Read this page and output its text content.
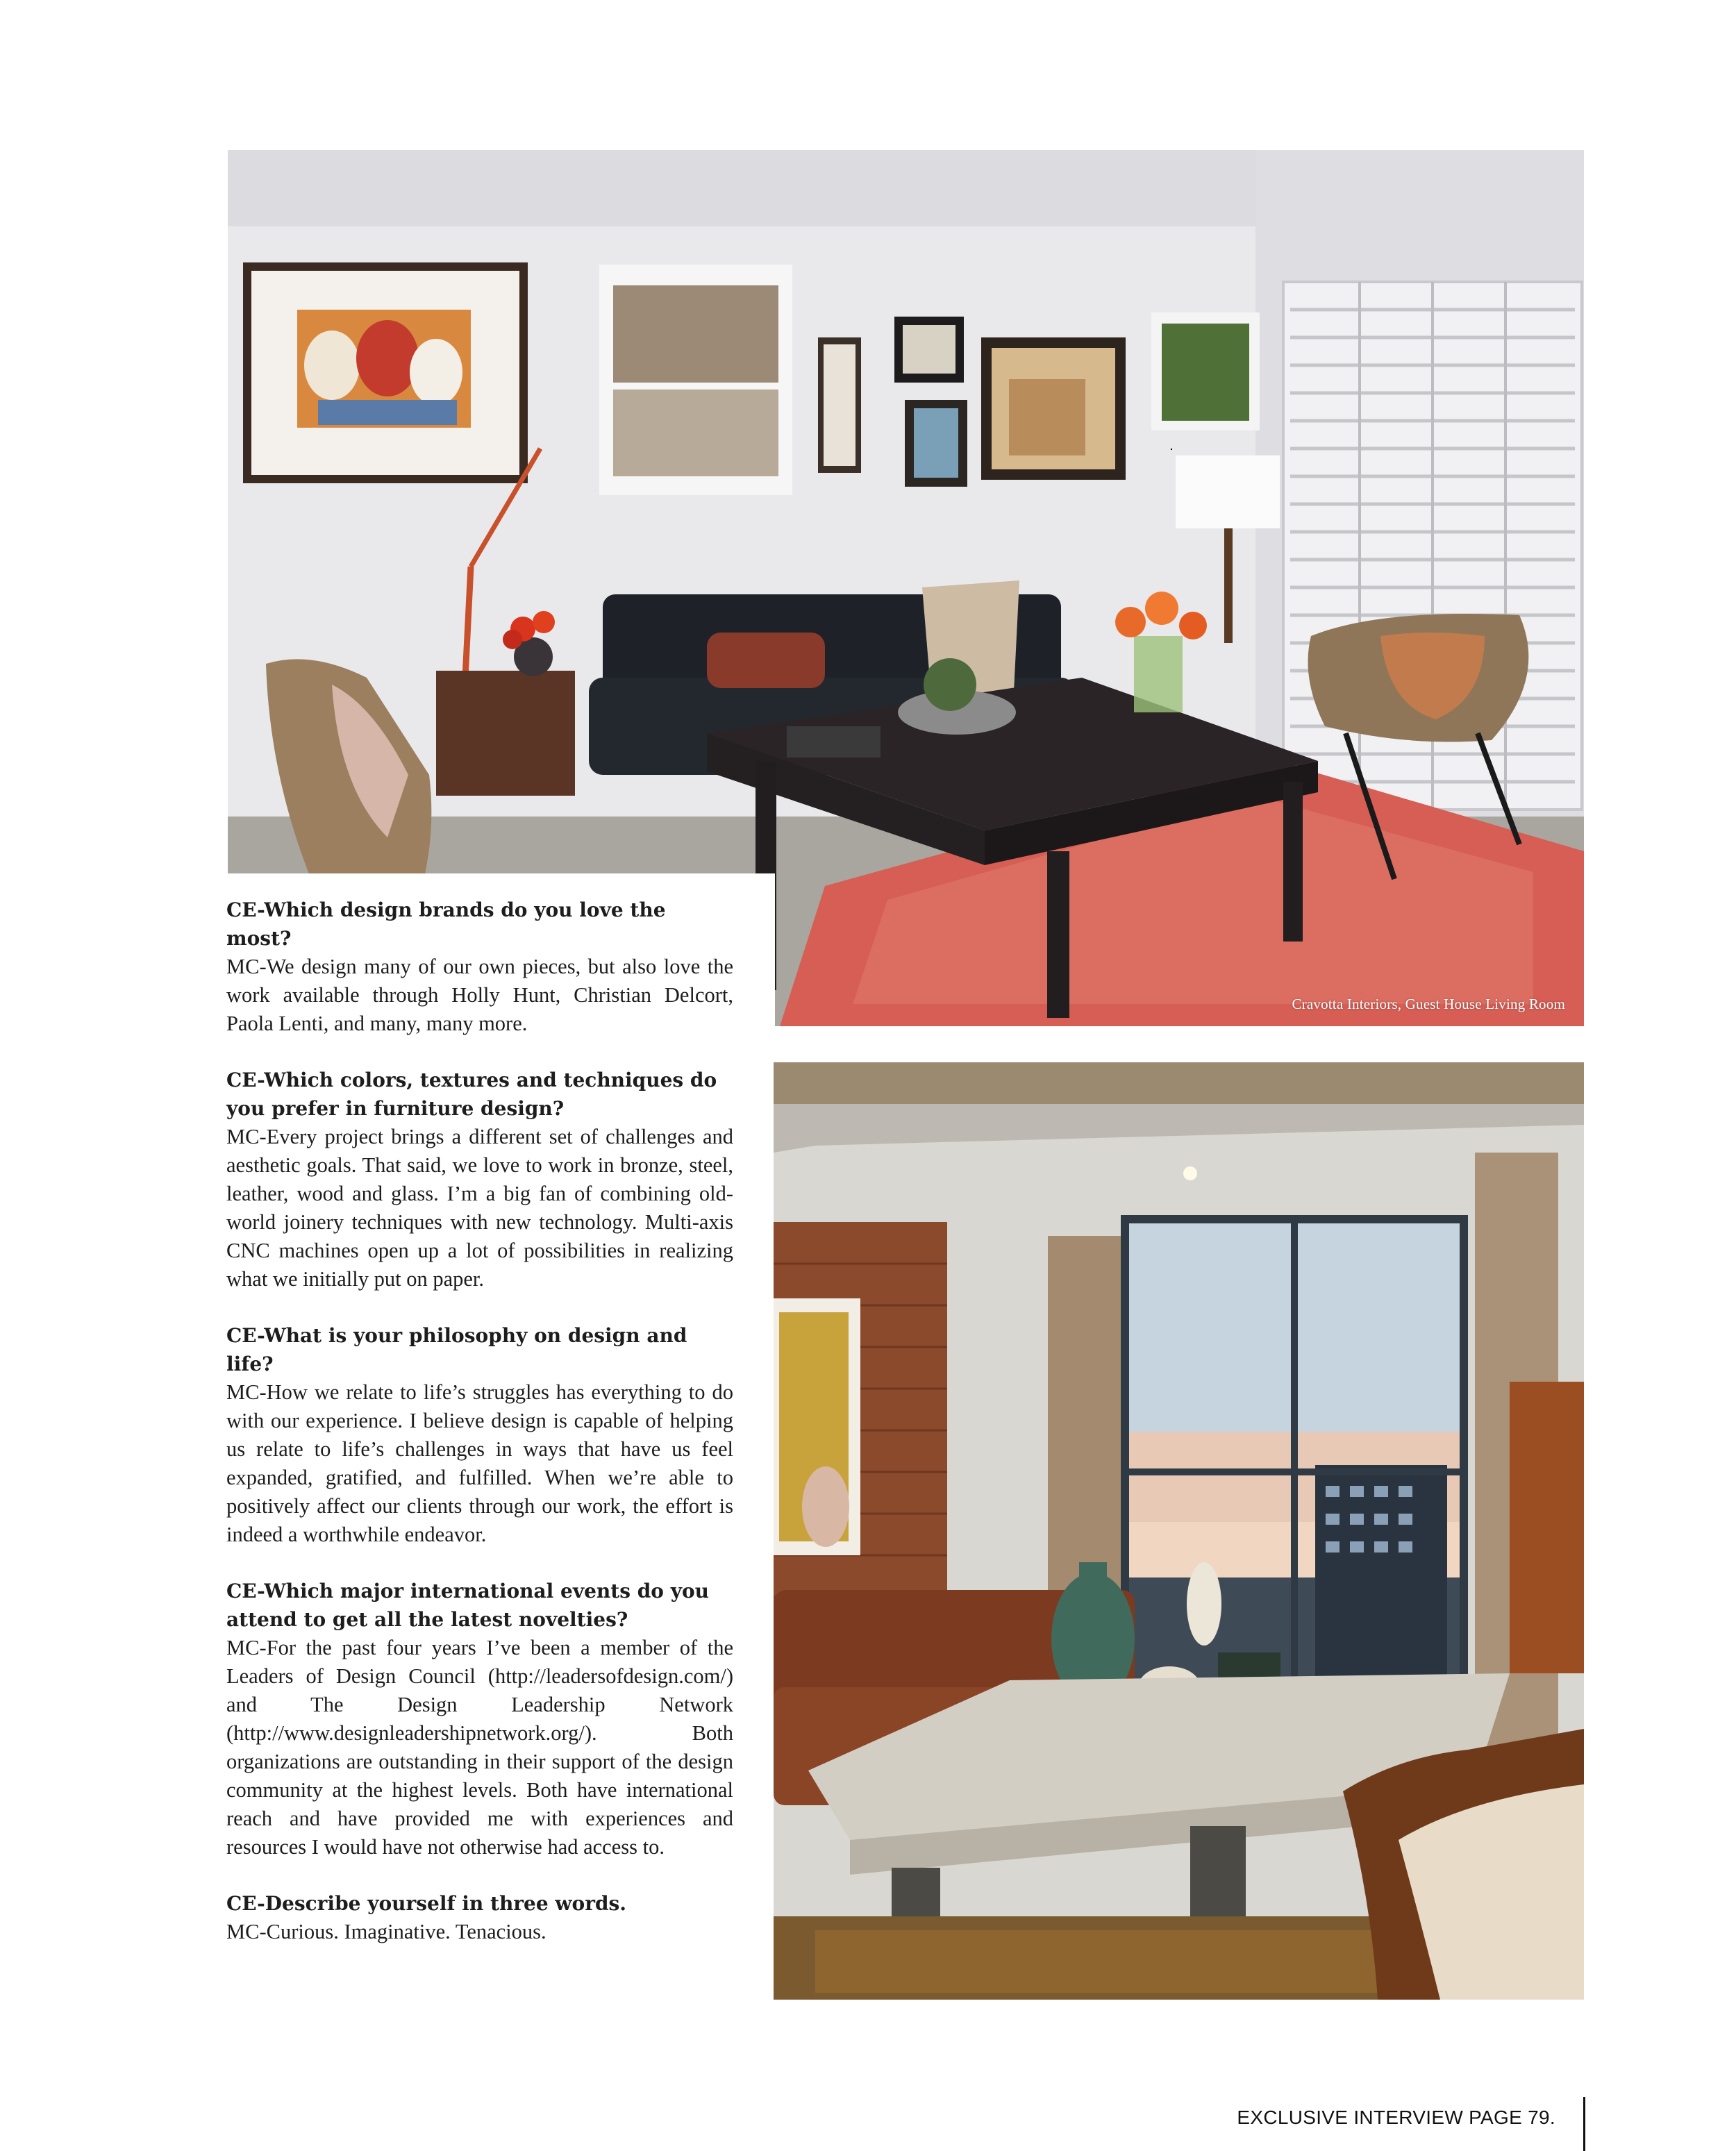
Cravotta Interiors, Guest House Living Room

CE-Which design brands do you love the most?

MC-We design many of our own pieces, but also love the work available through Holly Hunt, Christian Delcort, Paola Lenti, and many, many more.

CE-Which colors, textures and techniques do you prefer in furniture design?

MC-Every project brings a different set of challenges and aesthetic goals. That said, we love to work in bronze, steel, leather, wood and glass. I’m a big fan of combining old-world joinery techniques with new technology. Multi-axis CNC machines open up a lot of possibilities in realizing what we initially put on paper.

CE-What is your philosophy on design and life?

MC-How we relate to life’s struggles has everything to do with our experience. I believe design is capable of helping us relate to life’s challenges in ways that have us feel expanded, gratified, and fulfilled. When we’re able to positively affect our clients through our work, the effort is indeed a worthwhile endeavor.

CE-Which major international events do you attend to get all the latest novelties?

MC-For the past four years I’ve been a member of the Leaders of Design Council (http://leadersofdesign.com/) and The Design Leadership Network (http://www.designleadershipnetwork.org/). Both organizations are outstanding in their support of the design community at the highest levels. Both have international reach and have provided me with experiences and resources I would have not otherwise had access to.

CE-Describe yourself in three words.

MC-Curious. Imaginative. Tenacious.

EXCLUSIVE INTERVIEW PAGE 79.
